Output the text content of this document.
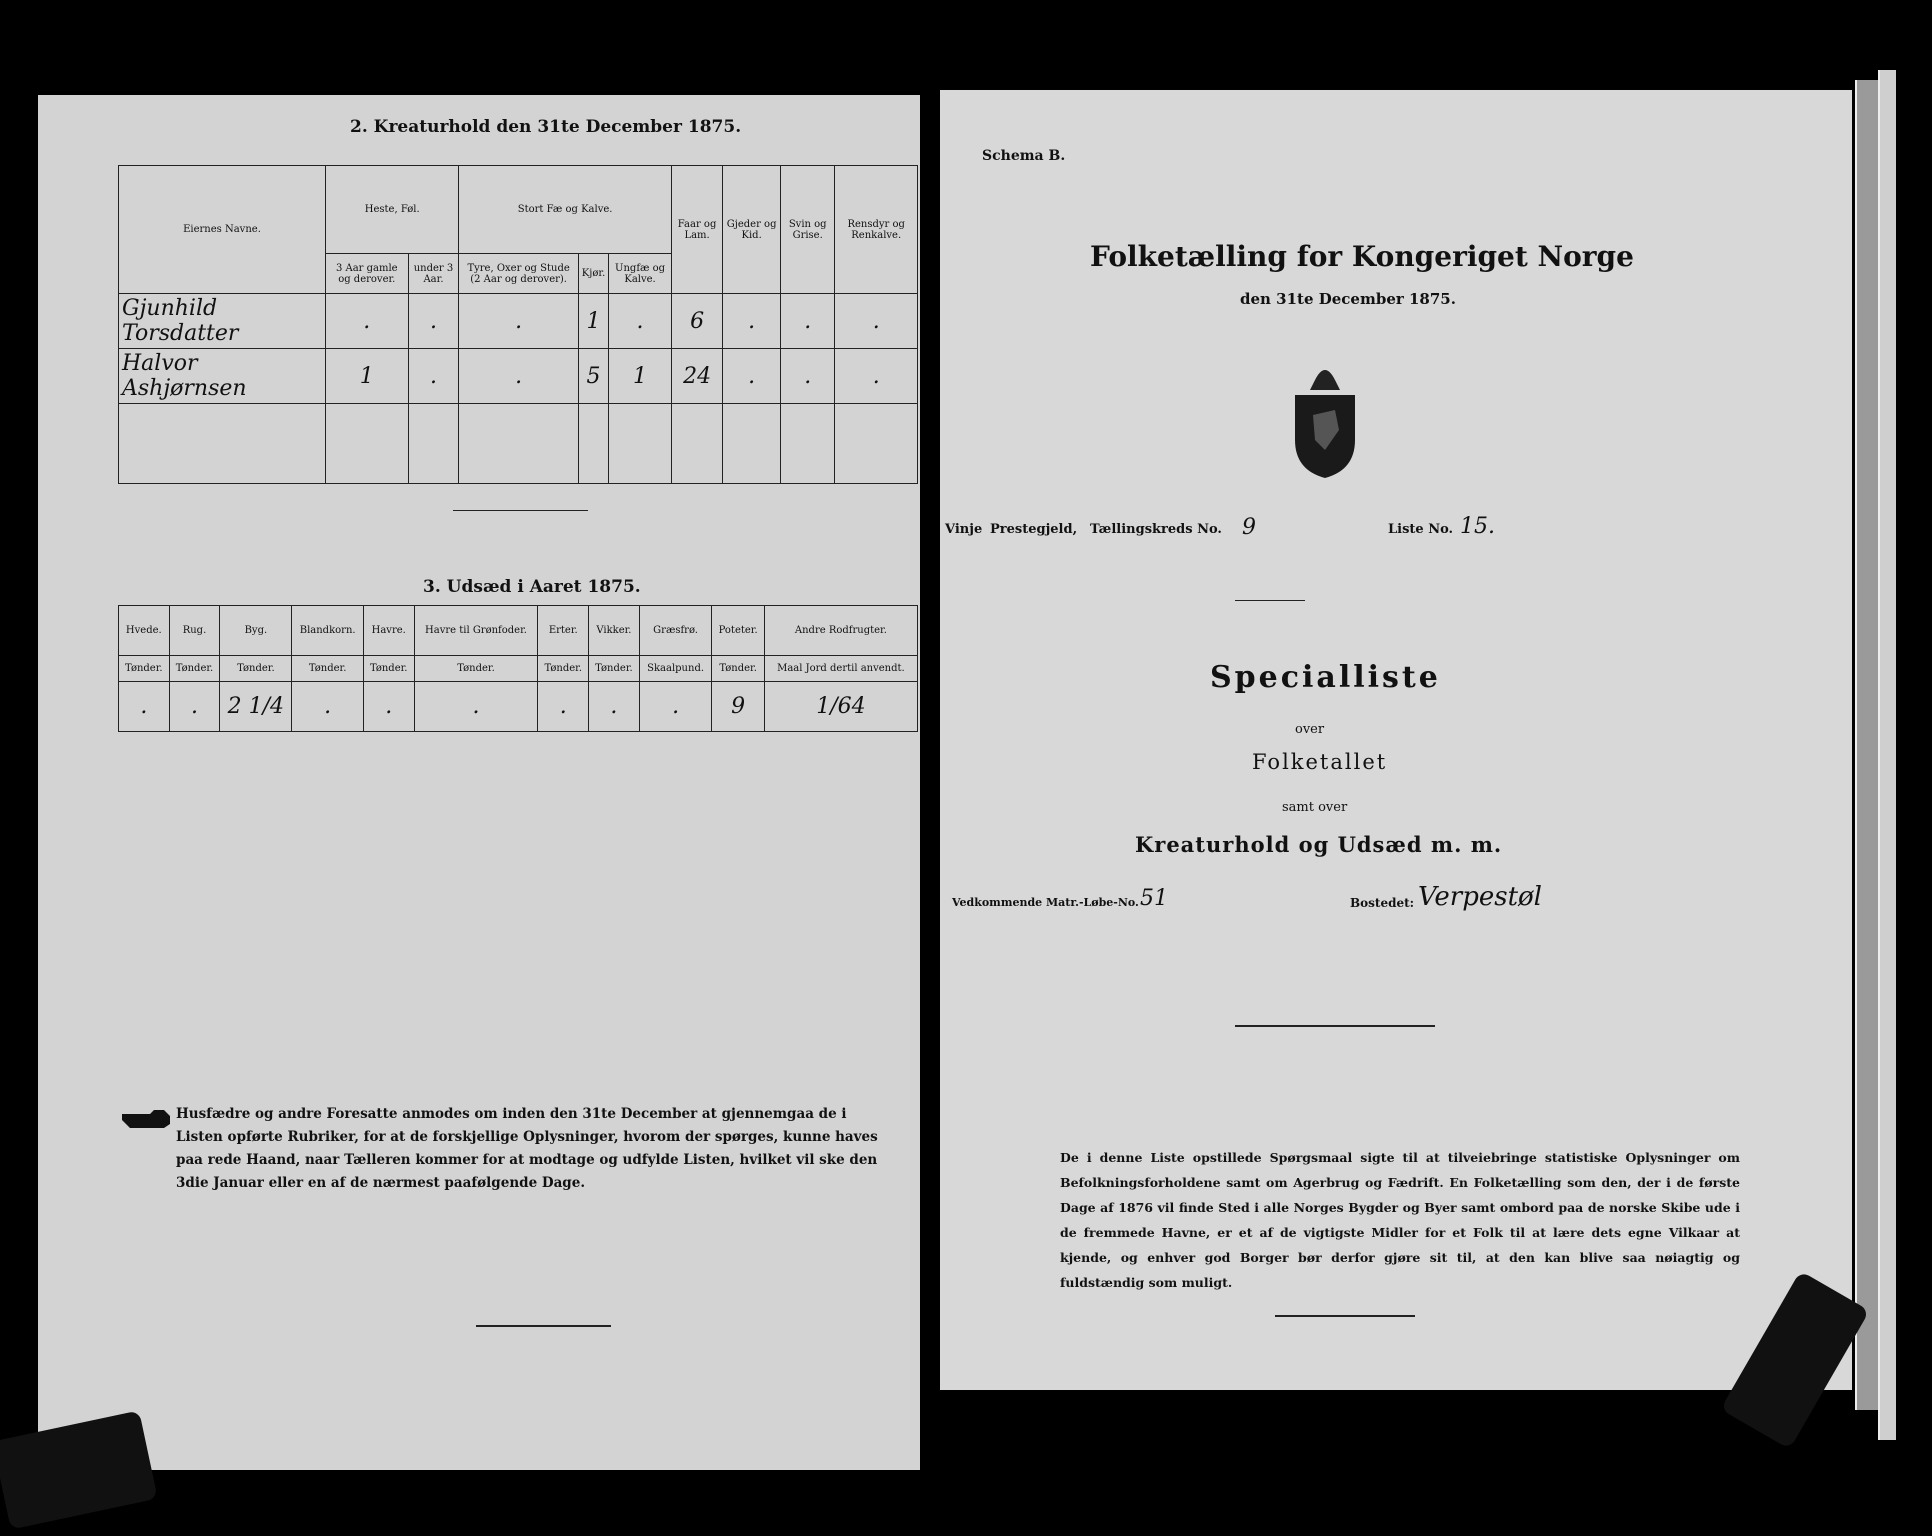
2. Kreaturhold den 31te December 1875.
Eiernes Navne.	Heste, Føl.		Stort Fæ og Kalve.			Faar og Lam.	Gjeder og Kid.	Svin og Grise.	Rensdyr og Renkalve.
	3 Aar gamle og derover.	under 3 Aar.	Tyre, Oxer og Stude (2 Aar og derover).	Kjør.	Ungfæ og Kalve.				
Gjunhild Torsdatter	.	.	.	1	.	6	.	.	.
Halvor Ashjørnsen	1	.	.	5	1	24	.	.	.

3. Udsæd i Aaret 1875.
Hvede.	Rug.	Byg.	Blandkorn.	Havre.	Havre til Grønfoder.	Erter.	Vikker.	Græsfrø.	Poteter.	Andre Rodfrugter.
Tønder.	Tønder.	Tønder.	Tønder.	Tønder.	Tønder.	Tønder.	Tønder.	Skaalpund.	Tønder.	Maal Jord dertil anvendt.
.	.	2 1/4	.	.	.	.	.	.	9	1/64
Husfædre og andre Foresatte anmodes om inden den 31te December at gjennemgaa de i Listen opførte Rubriker, for at de forskjellige Oplysninger, hvorom der spørges, kunne haves paa rede Haand, naar Tælleren kommer for at modtage og udfylde Listen, hvilket vil ske den 3die Januar eller en af de nærmest paafølgende Dage.
Schema B.
Folketælling for Kongeriget Norge
den 31te December 1875.
Vinje Prestegjeld, Tællingskreds No. 9	Liste No. 15.
Specialliste
over
Folketallet
samt over
Kreaturhold og Udsæd m. m.
Vedkommende Matr.-Løbe-No. 51	Bostedet: Verpestøl
De i denne Liste opstillede Spørgsmaal sigte til at tilveiebringe statistiske Oplysninger om Befolkningsforholdene samt om Agerbrug og Fædrift. En Folketælling som den, der i de første Dage af 1876 vil finde Sted i alle Norges Bygder og Byer samt ombord paa de norske Skibe ude i de fremmede Havne, er et af de vigtigste Midler for et Folk til at lære dets egne Vilkaar at kjende, og enhver god Borger bør derfor gjøre sit til, at den kan blive saa nøiagtig og fuldstændig som muligt.
